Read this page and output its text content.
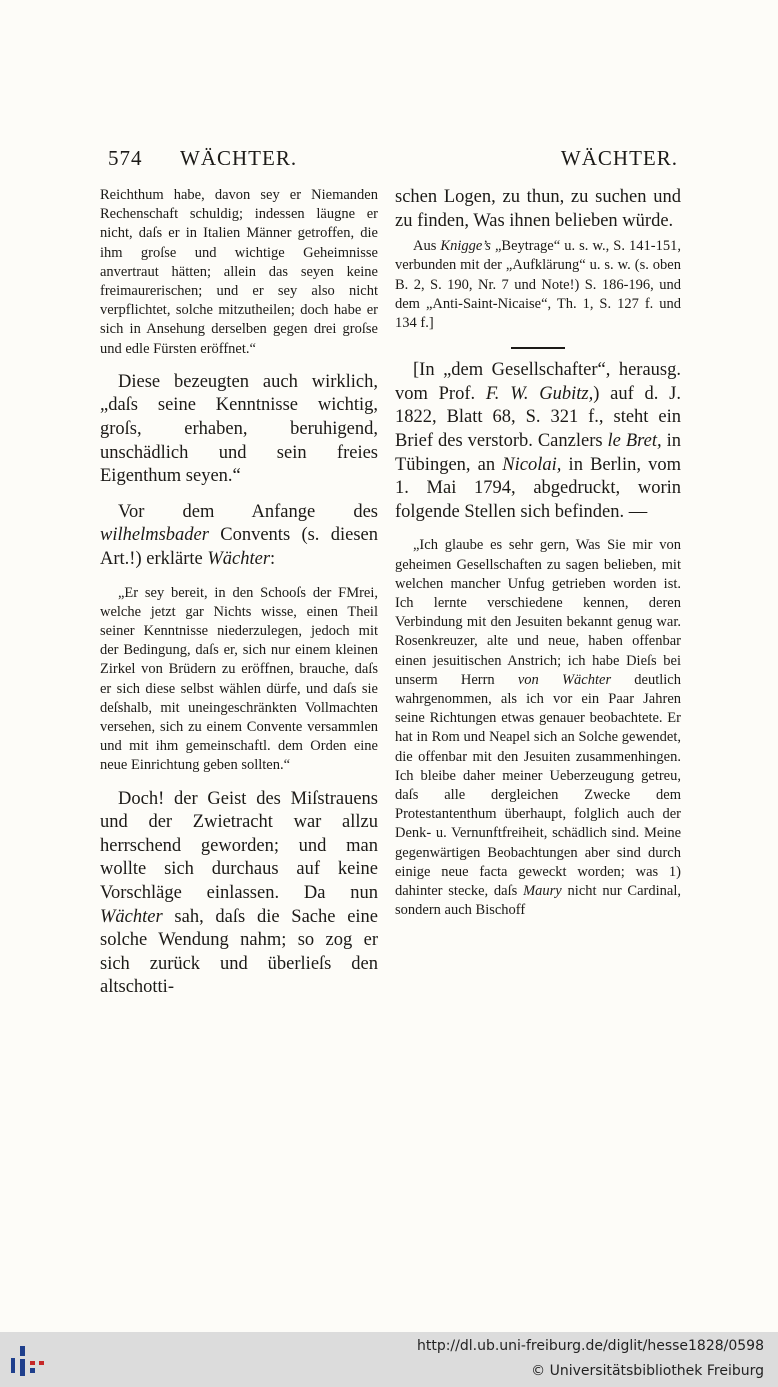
574 WÄCHTER.	WÄCHTER.

Reichthum habe, davon sey er Niemanden Rechenschaft schuldig; indessen läugne er nicht, daſs er in Italien Männer getroffen, die ihm groſse und wichtige Geheimnisse anvertraut hätten; allein das seyen keine freimaurerischen; und er sey also nicht verpflichtet, solche mitzutheilen; doch habe er sich in Ansehung derselben gegen drei groſse und edle Fürsten eröffnet.“

Diese bezeugten auch wirklich, „daſs seine Kenntnisse wichtig, groſs, erhaben, beruhigend, unschädlich und sein freies Eigenthum seyen.“

Vor dem Anfange des wilhelmsbader Convents (s. diesen Art.!) erklärte Wächter:

„Er sey bereit, in den Schooſs der FMrei, welche jetzt gar Nichts wisse, einen Theil seiner Kenntnisse niederzulegen, jedoch mit der Bedingung, daſs er, sich nur einem kleinen Zirkel von Brüdern zu eröffnen, brauche, daſs er sich diese selbst wählen dürfe, und daſs sie deſshalb, mit uneingeschränkten Vollmachten versehen, sich zu einem Convente versammlen und mit ihm gemeinschaftl. dem Orden eine neue Einrichtung geben sollten.“

Doch! der Geist des Miſstrauens und der Zwietracht war allzu herrschend geworden; und man wollte sich durchaus auf keine Vorschläge einlassen. Da nun Wächter sah, daſs die Sache eine solche Wendung nahm; so zog er sich zurück und überlieſs den altschotti-

schen Logen, zu thun, zu suchen und zu finden, Was ihnen belieben würde.

Aus Knigge’s „Beytrage“ u. s. w., S. 141-151, verbunden mit der „Aufklärung“ u. s. w. (s. oben B. 2, S. 190, Nr. 7 und Note!) S. 186-196, und dem „Anti-Saint-Nicaise“, Th. 1, S. 127 f. und 134 f.]

[In „dem Gesellschafter“, herausg. vom Prof. F. W. Gubitz,) auf d. J. 1822, Blatt 68, S. 321 f., steht ein Brief des verstorb. Canzlers le Bret, in Tübingen, an Nicolai, in Berlin, vom 1. Mai 1794, abgedruckt, worin folgende Stellen sich befinden. —

„Ich glaube es sehr gern, Was Sie mir von geheimen Gesellschaften zu sagen belieben, mit welchen mancher Unfug getrieben worden ist. Ich lernte verschiedene kennen, deren Verbindung mit den Jesuiten bekannt genug war. Rosenkreuzer, alte und neue, haben offenbar einen jesuitischen Anstrich; ich habe Dieſs bei unserm Herrn von Wächter deutlich wahrgenommen, als ich vor ein Paar Jahren seine Richtungen etwas genauer beobachtete. Er hat in Rom und Neapel sich an Solche gewendet, die offenbar mit den Jesuiten zusammenhingen. Ich bleibe daher meiner Ueberzeugung getreu, daſs alle dergleichen Zwecke dem Protestantenthum überhaupt, folglich auch der Denk- u. Vernunftfreiheit, schädlich sind. Meine gegenwärtigen Beobachtungen aber sind durch einige neue facta geweckt worden; was 1) dahinter stecke, daſs Maury nicht nur Cardinal, sondern auch Bischoff

http://dl.ub.uni-freiburg.de/diglit/hesse1828/0598
© Universitätsbibliothek Freiburg
